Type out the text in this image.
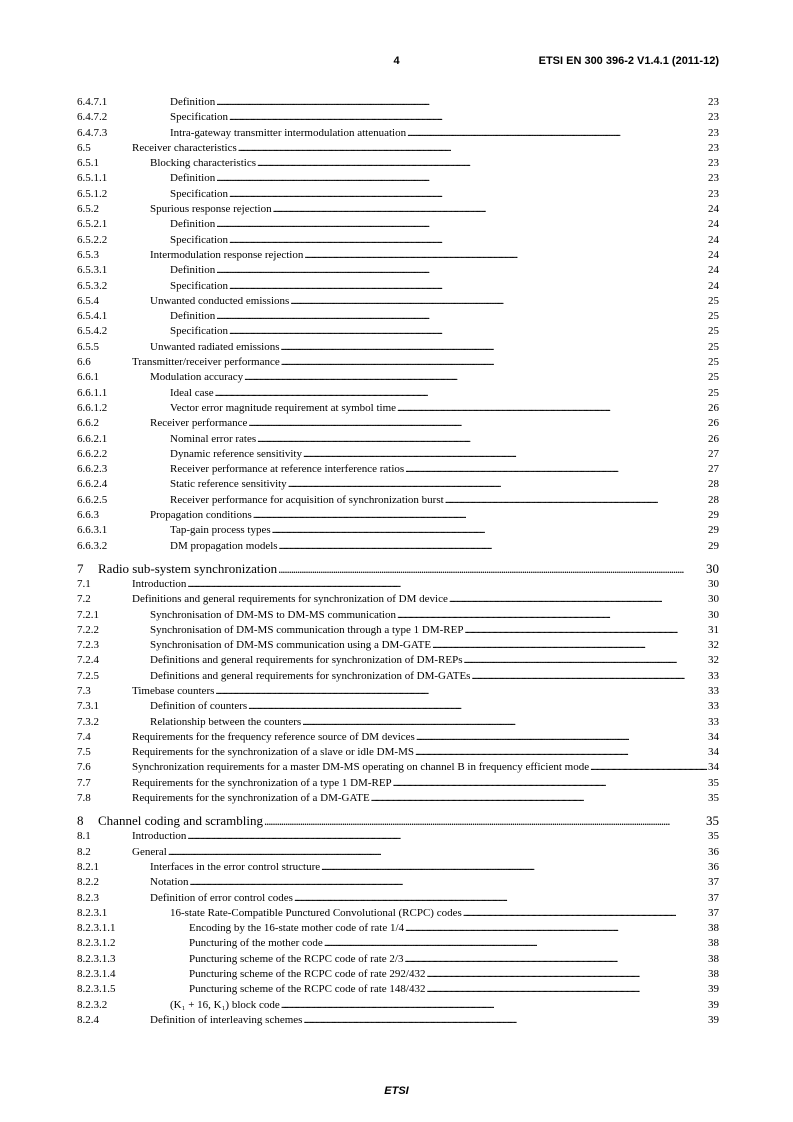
4	ETSI EN 300 396-2 V1.4.1 (2011-12)
6.4.7.1	Definition . . .	23
6.4.7.2	Specification . . .	23
6.4.7.3	Intra-gateway transmitter intermodulation attenuation . . .	23
6.5	Receiver characteristics . . .	23
6.5.1	Blocking characteristics . . .	23
6.5.1.1	Definition . . .	23
6.5.1.2	Specification . . .	23
6.5.2	Spurious response rejection . . .	24
6.5.2.1	Definition . . .	24
6.5.2.2	Specification . . .	24
6.5.3	Intermodulation response rejection . . .	24
6.5.3.1	Definition . . .	24
6.5.3.2	Specification . . .	24
6.5.4	Unwanted conducted emissions . . .	25
6.5.4.1	Definition . . .	25
6.5.4.2	Specification . . .	25
6.5.5	Unwanted radiated emissions . . .	25
6.6	Transmitter/receiver performance . . .	25
6.6.1	Modulation accuracy . . .	25
6.6.1.1	Ideal case . . .	25
6.6.1.2	Vector error magnitude requirement at symbol time . . .	26
6.6.2	Receiver performance . . .	26
6.6.2.1	Nominal error rates . . .	26
6.6.2.2	Dynamic reference sensitivity . . .	27
6.6.2.3	Receiver performance at reference interference ratios . . .	27
6.6.2.4	Static reference sensitivity . . .	28
6.6.2.5	Receiver performance for acquisition of synchronization burst . . .	28
6.6.3	Propagation conditions . . .	29
6.6.3.1	Tap-gain process types . . .	29
6.6.3.2	DM propagation models . . .	29
7 Radio sub-system synchronization . . .	30
7.1	Introduction . . .	30
7.2	Definitions and general requirements for synchronization of DM device . . .	30
7.2.1	Synchronisation of DM-MS to DM-MS communication . . .	30
7.2.2	Synchronisation of DM-MS communication through a type 1 DM-REP . . .	31
7.2.3	Synchronisation of DM-MS communication using a DM-GATE . . .	32
7.2.4	Definitions and general requirements for synchronization of DM-REPs . . .	32
7.2.5	Definitions and general requirements for synchronization of DM-GATEs . . .	33
7.3	Timebase counters . . .	33
7.3.1	Definition of counters . . .	33
7.3.2	Relationship between the counters . . .	33
7.4	Requirements for the frequency reference source of DM devices . . .	34
7.5	Requirements for the synchronization of a slave or idle DM-MS . . .	34
7.6	Synchronization requirements for a master DM-MS operating on channel B in frequency efficient mode . . .	34
7.7	Requirements for the synchronization of a type 1 DM-REP . . .	35
7.8	Requirements for the synchronization of a DM-GATE . . .	35
8 Channel coding and scrambling . . .	35
8.1	Introduction . . .	35
8.2	General . . .	36
8.2.1	Interfaces in the error control structure . . .	36
8.2.2	Notation . . .	37
8.2.3	Definition of error control codes . . .	37
8.2.3.1	16-state Rate-Compatible Punctured Convolutional (RCPC) codes . . .	37
8.2.3.1.1	Encoding by the 16-state mother code of rate 1/4 . . .	38
8.2.3.1.2	Puncturing of the mother code . . .	38
8.2.3.1.3	Puncturing scheme of the RCPC code of rate 2/3 . . .	38
8.2.3.1.4	Puncturing scheme of the RCPC code of rate 292/432 . . .	38
8.2.3.1.5	Puncturing scheme of the RCPC code of rate 148/432 . . .	39
8.2.3.2	(K₁ + 16, K₁) block code . . .	39
8.2.4	Definition of interleaving schemes . . .	39
ETSI
